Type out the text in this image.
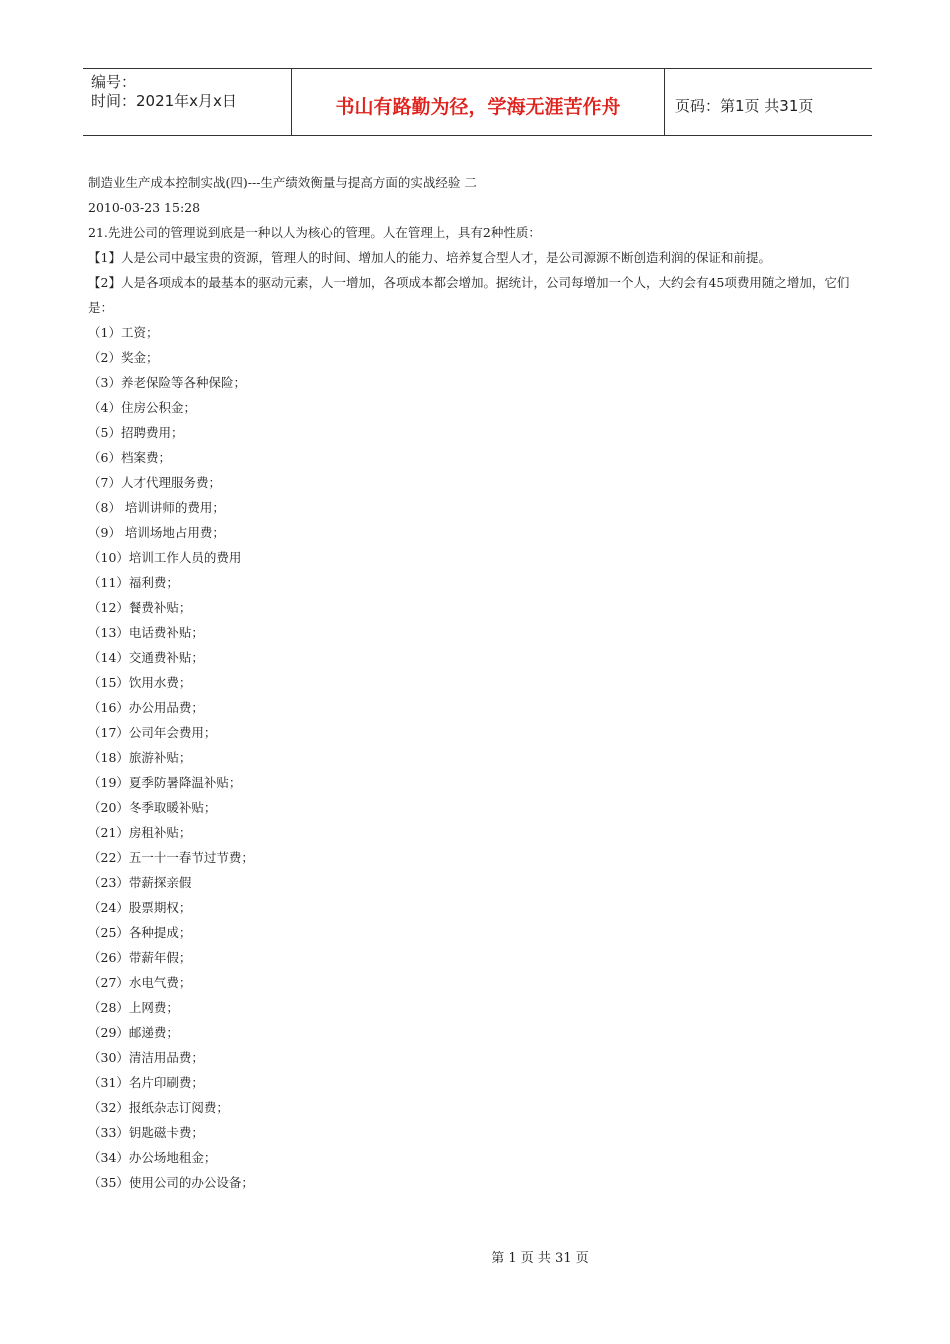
编号：
时间：2021年x月x日	书山有路勤为径，学海无涯苦作舟	页码：第1页 共31页

制造业生产成本控制实战(四)---生产绩效衡量与提高方面的实战经验 二

2010-03-23 15:28

21.先进公司的管理说到底是一种以人为核心的管理。人在管理上，具有2种性质：

【1】人是公司中最宝贵的资源，管理人的时间、增加人的能力、培养复合型人才，是公司源源不断创造利润的保证和前提。

【2】人是各项成本的最基本的驱动元素，人一增加，各项成本都会增加。据统计，公司每增加一个人，大约会有45项费用随之增加，它们是：

（1）工资；

（2）奖金；

（3）养老保险等各种保险；

（4）住房公积金；

（5）招聘费用；

（6）档案费；

（7）人才代理服务费；

（8） 培训讲师的费用；

（9） 培训场地占用费；

（10）培训工作人员的费用

（11）福利费；

（12）餐费补贴；

（13）电话费补贴；

（14）交通费补贴；

（15）饮用水费；

（16）办公用品费；

（17）公司年会费用；

（18）旅游补贴；

（19）夏季防暑降温补贴；

（20）冬季取暖补贴；

（21）房租补贴；

（22）五一十一春节过节费；

（23）带薪探亲假

（24）股票期权；

（25）各种提成；

（26）带薪年假；

（27）水电气费；

（28）上网费；

（29）邮递费；

（30）清洁用品费；

（31）名片印刷费；

（32）报纸杂志订阅费；

（33）钥匙磁卡费；

（34）办公场地租金；

（35）使用公司的办公设备；

第 1 页 共 31 页
